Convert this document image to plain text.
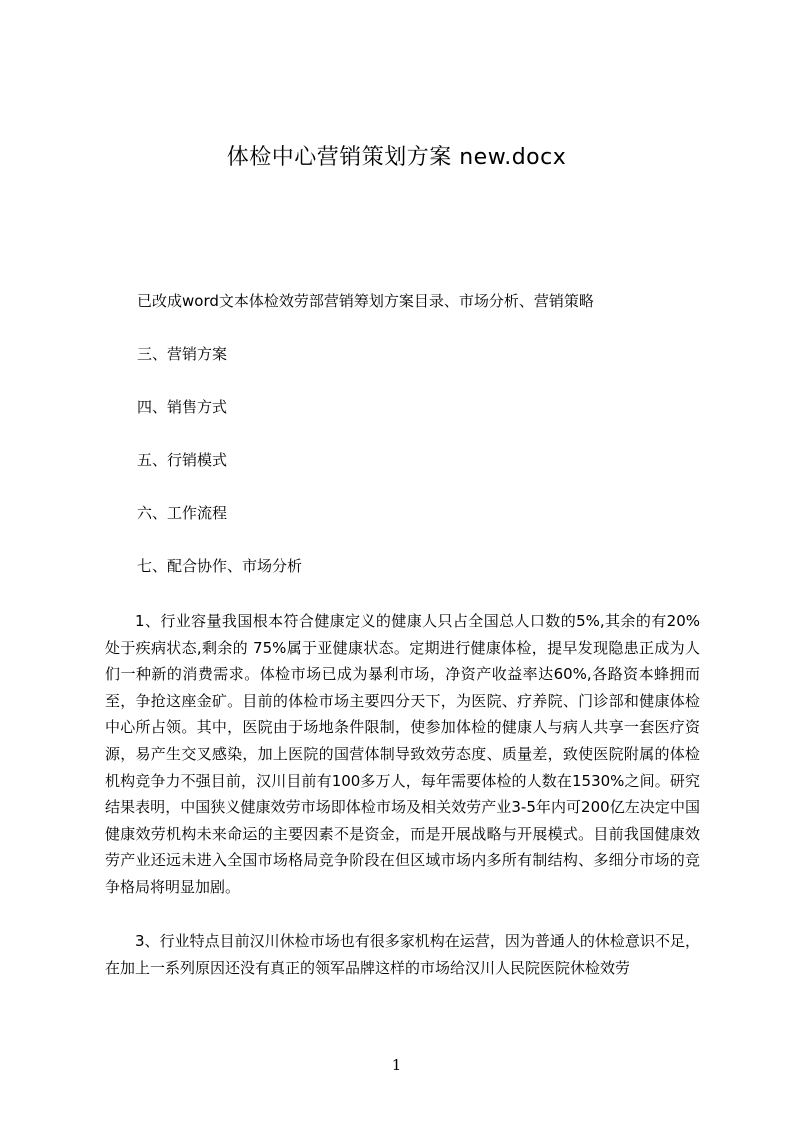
体检中心营销策划方案 new.docx
已改成word文本体检效劳部营销筹划方案目录、市场分析、营销策略
三、营销方案
四、销售方式
五、行销模式
六、工作流程
七、配合协作、市场分析

1、行业容量我国根本符合健康定义的健康人只占全国总人口数的5%,其余的有20%处于疾病状态,剩余的 75%属于亚健康状态。定期进行健康体检，提早发现隐患正成为人们一种新的消费需求。体检市场已成为暴利市场，净资产收益率达60%,各路资本蜂拥而至，争抢这座金矿。目前的体检市场主要四分天下，为医院、疗养院、门诊部和健康体检中心所占领。其中，医院由于场地条件限制，使参加体检的健康人与病人共享一套医疗资源，易产生交叉感染，加上医院的国营体制导致效劳态度、质量差，致使医院附属的体检机构竞争力不强目前，汉川目前有100多万人，每年需要体检的人数在1530%之间。研究结果表明，中国狭义健康效劳市场即体检市场及相关效劳产业3-5年内可200亿左决定中国健康效劳机构未来命运的主要因素不是资金，而是开展战略与开展模式。目前我国健康效劳产业还远未进入全国市场格局竞争阶段在但区域市场内多所有制结构、多细分市场的竞争格局将明显加剧。

3、行业特点目前汉川休检市场也有很多家机构在运营，因为普通人的休检意识不足，在加上一系列原因还没有真正的领军品牌这样的市场给汉川人民院医院休检效劳

1
